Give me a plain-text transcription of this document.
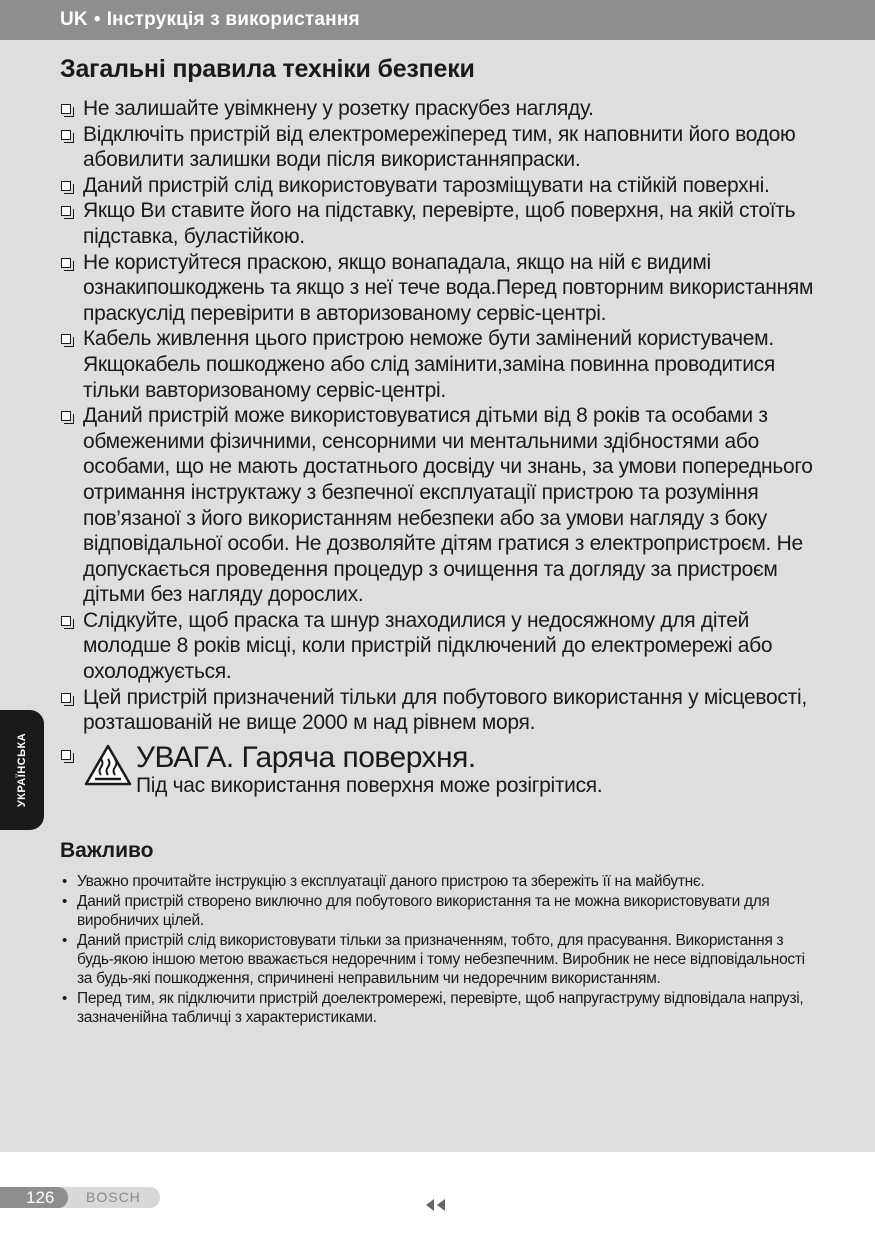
UK • Інструкція з використання
УКРАЇНСЬКА
Загальні правила техніки безпеки
Не залишайте увімкнену у розетку праскубез нагляду.
Відключіть пристрій від електромережіперед тим, як наповнити його водою абовилити залишки води після використанняпраски.
Даний пристрій слід використовувати тарозміщувати на стійкій поверхні.
Якщо Ви ставите його на підставку, перевірте, щоб поверхня, на якій стоїть підставка, буластійкою.
Не користуйтеся праскою, якщо вонападала, якщо на ній є видимі ознакипошкоджень та якщо з неї тече вода.Перед повторним використанням праскуслід перевірити в авторизованому сервіс-центрі.
Кабель живлення цього пристрою неможе бути замінений користувачем. Якщокабель пошкоджено або слід замінити,заміна повинна проводитися тільки вавторизованому сервіс-центрі.
Даний пристрій може використовуватися дітьми від 8 років та особами з обмеженими фізичними, сенсорними чи ментальними здібностями або особами, що не мають достатнього досвіду чи знань, за умови попереднього отримання інструктажу з безпечної експлуатації пристрою та розуміння пов’язаної з його використанням небезпеки або за умови нагляду з боку відповідальної особи. Не дозволяйте дітям гратися з електропристроєм. Не допускається проведення процедур з очищення та догляду за пристроєм дітьми без нагляду дорослих.
Слідкуйте, щоб праска та шнур знаходилися у недосяжному для дітей молодше 8 років місці, коли пристрій підключений до електромережі або охолоджується.
Цей пристрій призначений тільки для побутового використання у місцевості, розташованій не вище 2000 м над рівнем моря.
УВАГА. Гаряча поверхня.
Під час використання поверхня може розігрітися.
Важливо
• Уважно прочитайте інструкцію з експлуатації даного пристрою та збережіть її на майбутнє.
• Даний пристрій створено виключно для побутового використання та не можна використовувати для виробничих цілей.
• Даний пристрій слід використовувати тільки за призначенням, тобто, для прасування. Використання з будь-якою іншою метою вважається недоречним і тому небезпечним. Виробник не несе відповідальності за будь-які пошкодження, спричинені неправильним чи недоречним використанням.
• Перед тим, як підключити пристрій доелектромережі, перевірте, щоб напругаструму відповідала напрузі, зазначенійна табличці з характеристиками.
126 BOSCH
